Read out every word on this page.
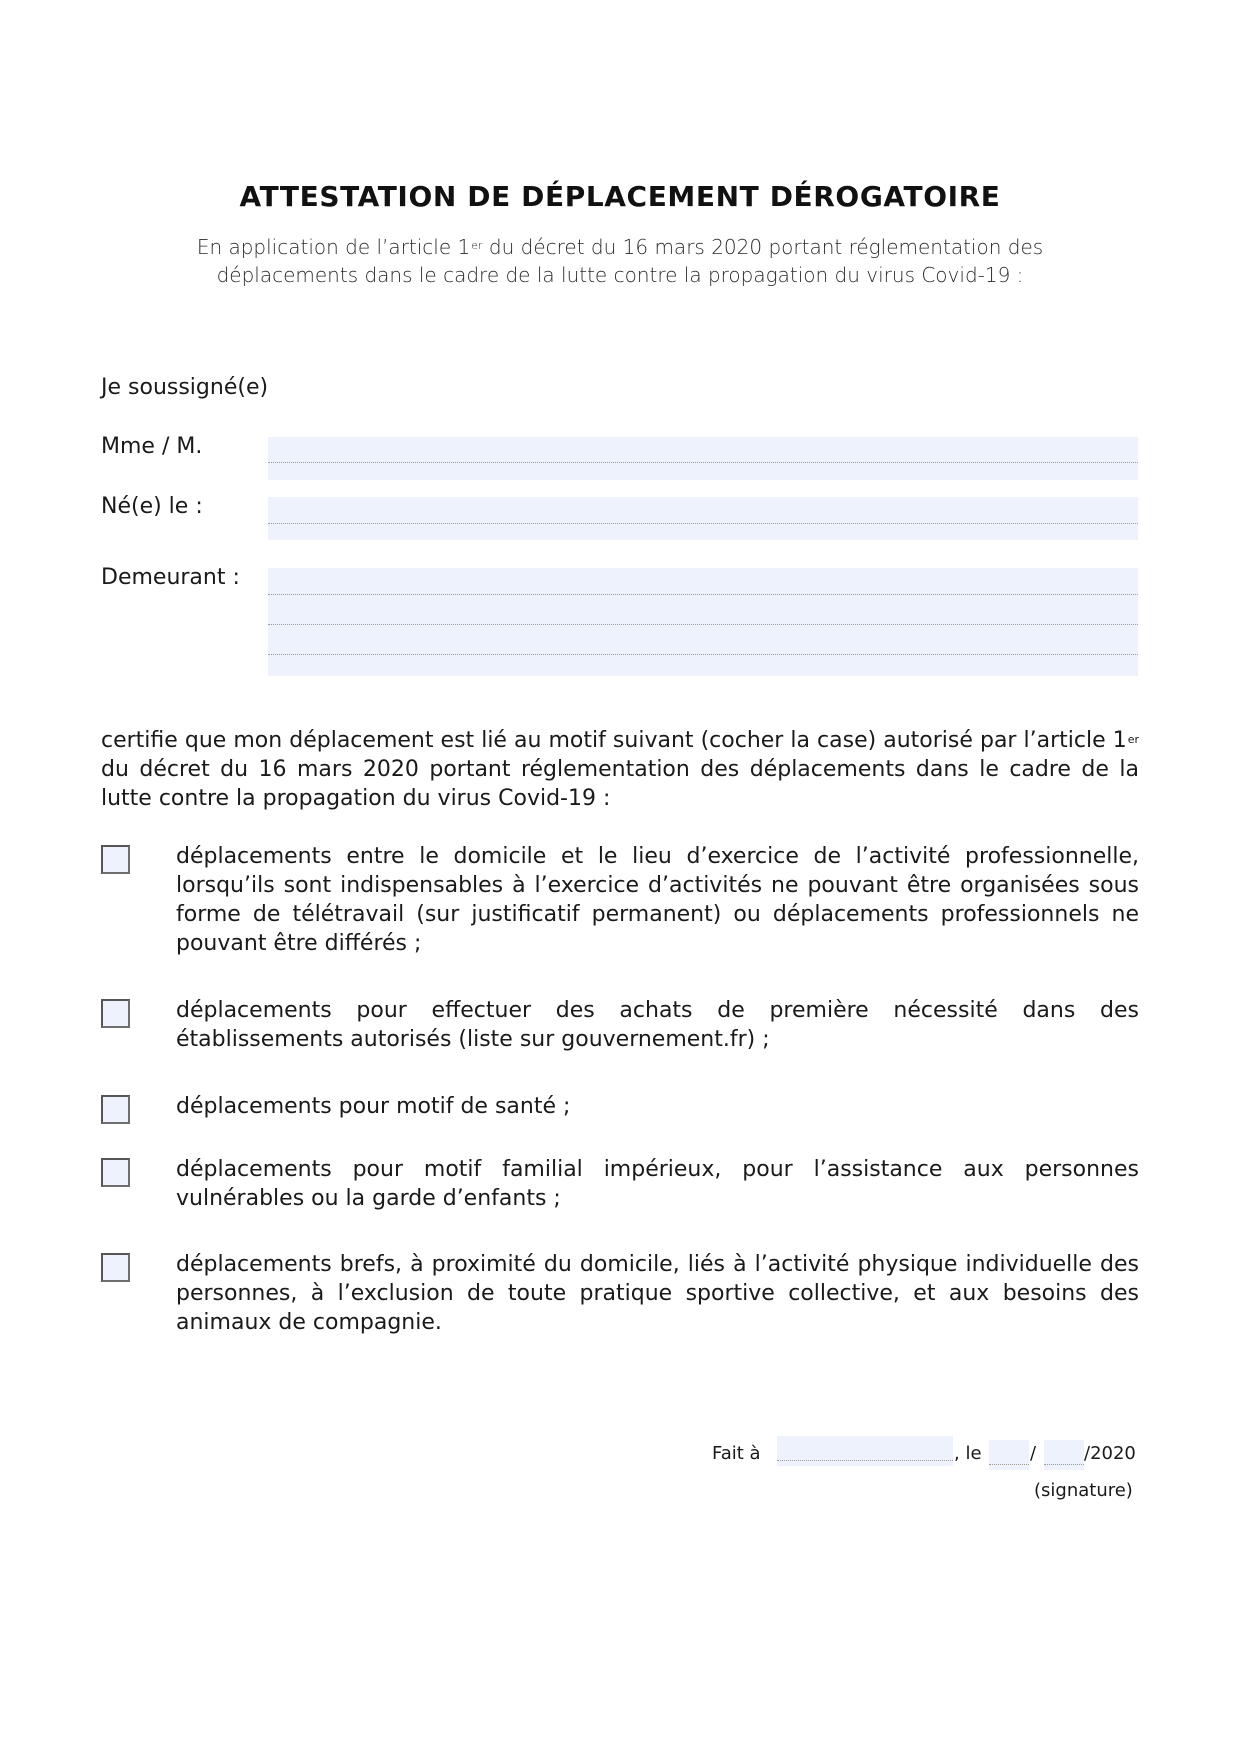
ATTESTATION DE DÉPLACEMENT DÉROGATOIRE
En application de l’article 1er du décret du 16 mars 2020 portant réglementation des
déplacements dans le cadre de la lutte contre la propagation du virus Covid-19 :
Je soussigné(e)
Mme / M.
Né(e) le :
Demeurant :
certifie que mon déplacement est lié au motif suivant (cocher la case) autorisé par l’article 1er du décret du 16 mars 2020 portant réglementation des déplacements dans le cadre de la lutte contre la propagation du virus Covid-19 :
déplacements entre le domicile et le lieu d’exercice de l’activité professionnelle, lorsqu’ils sont indispensables à l’exercice d’activités ne pouvant être organisées sous forme de télétravail (sur justificatif permanent) ou déplacements professionnels ne pouvant être différés ;
déplacements pour effectuer des achats de première nécessité dans des établissements autorisés (liste sur gouvernement.fr) ;
déplacements pour motif de santé ;
déplacements pour motif familial impérieux, pour l’assistance aux personnes vulnérables ou la garde d’enfants ;
déplacements brefs, à proximité du domicile, liés à l’activité physique individuelle des personnes, à l’exclusion de toute pratique sportive collective, et aux besoins des animaux de compagnie.
Fait à	, le	/	/2020
(signature)
